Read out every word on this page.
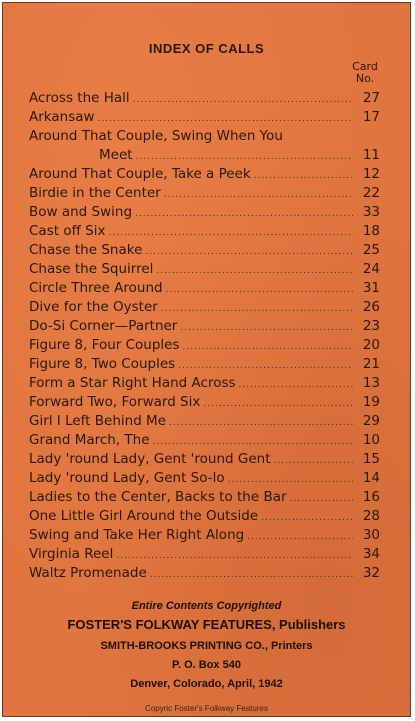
INDEX OF CALLS
Card
No.
Across the Hall .....	27
Arkansaw .....	17
Around That Couple, Swing When You
Meet .....	11
Around That Couple, Take a Peek .....	12
Birdie in the Center .....	22
Bow and Swing .....	33
Cast off Six .....	18
Chase the Snake .....	25
Chase the Squirrel .....	24
Circle Three Around .....	31
Dive for the Oyster .....	26
Do-Si Corner—Partner .....	23
Figure 8, Four Couples .....	20
Figure 8, Two Couples .....	21
Form a Star Right Hand Across .....	13
Forward Two, Forward Six .....	19
Girl I Left Behind Me .....	29
Grand March, The .....	10
Lady 'round Lady, Gent 'round Gent .....	15
Lady 'round Lady, Gent So-lo .....	14
Ladies to the Center, Backs to the Bar .....	16
One Little Girl Around the Outside .....	28
Swing and Take Her Right Along .....	30
Virginia Reel .....	34
Waltz Promenade .....	32
Entire Contents Copyrighted
FOSTER'S FOLKWAY FEATURES, Publishers
SMITH-BROOKS PRINTING CO., Printers
P. O. Box 540
Denver, Colorado, April, 1942
Copyric Foster's Folkway Features
